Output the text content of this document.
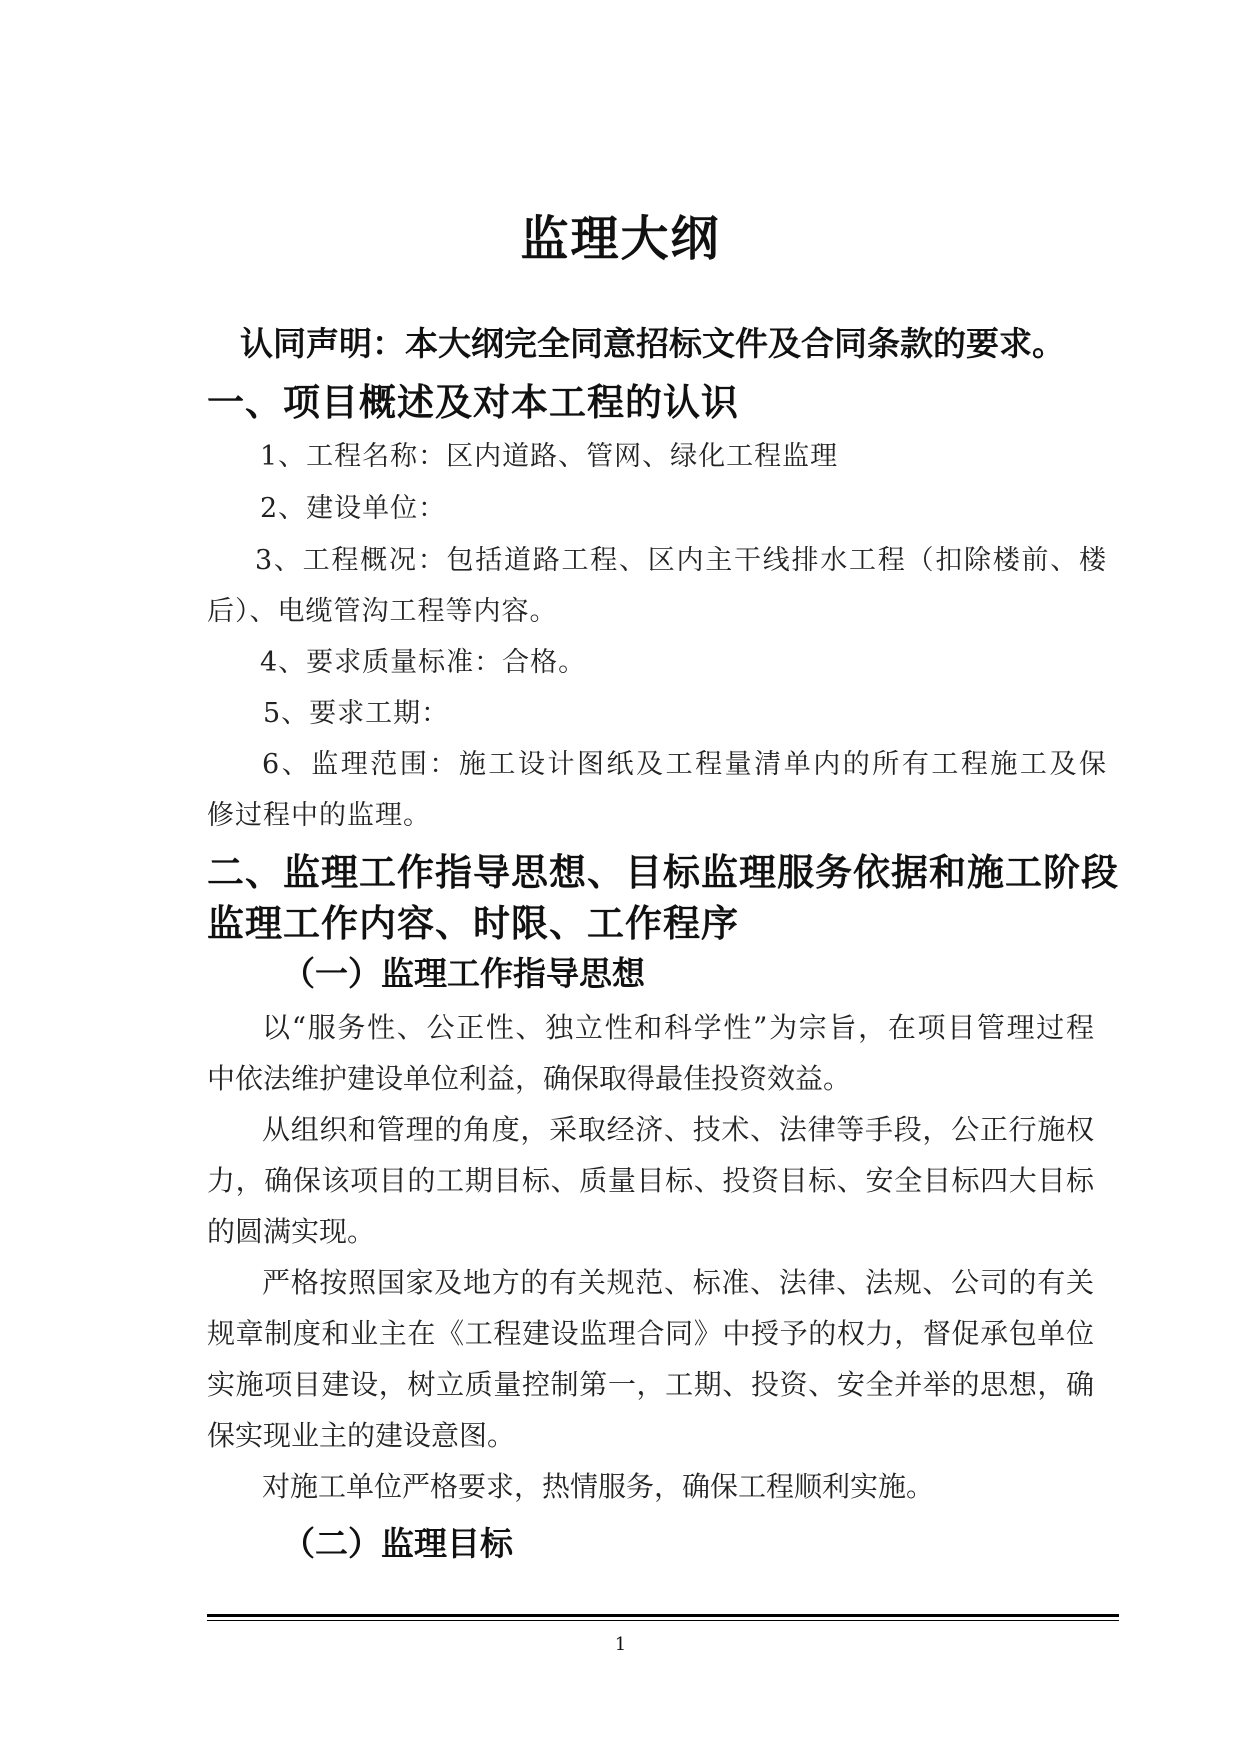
监理大纲
认同声明：本大纲完全同意招标文件及合同条款的要求。
一、项目概述及对本工程的认识
1、工程名称：区内道路、管网、绿化工程监理
2、建设单位：
3、工程概况：包括道路工程、区内主干线排水工程（扣除楼前、楼
后）、电缆管沟工程等内容。
4、要求质量标准：合格。
5、要求工期：
6、监理范围：施工设计图纸及工程量清单内的所有工程施工及保
修过程中的监理。
二、监理工作指导思想、目标监理服务依据和施工阶段
监理工作内容、时限、工作程序
（一）监理工作指导思想
以“服务性、公正性、独立性和科学性”为宗旨，在项目管理过程
中依法维护建设单位利益，确保取得最佳投资效益。
从组织和管理的角度，采取经济、技术、法律等手段，公正行施权
力，确保该项目的工期目标、质量目标、投资目标、安全目标四大目标
的圆满实现。
严格按照国家及地方的有关规范、标准、法律、法规、公司的有关
规章制度和业主在《工程建设监理合同》中授予的权力，督促承包单位
实施项目建设，树立质量控制第一，工期、投资、安全并举的思想，确
保实现业主的建设意图。
对施工单位严格要求，热情服务，确保工程顺利实施。
（二）监理目标
1
